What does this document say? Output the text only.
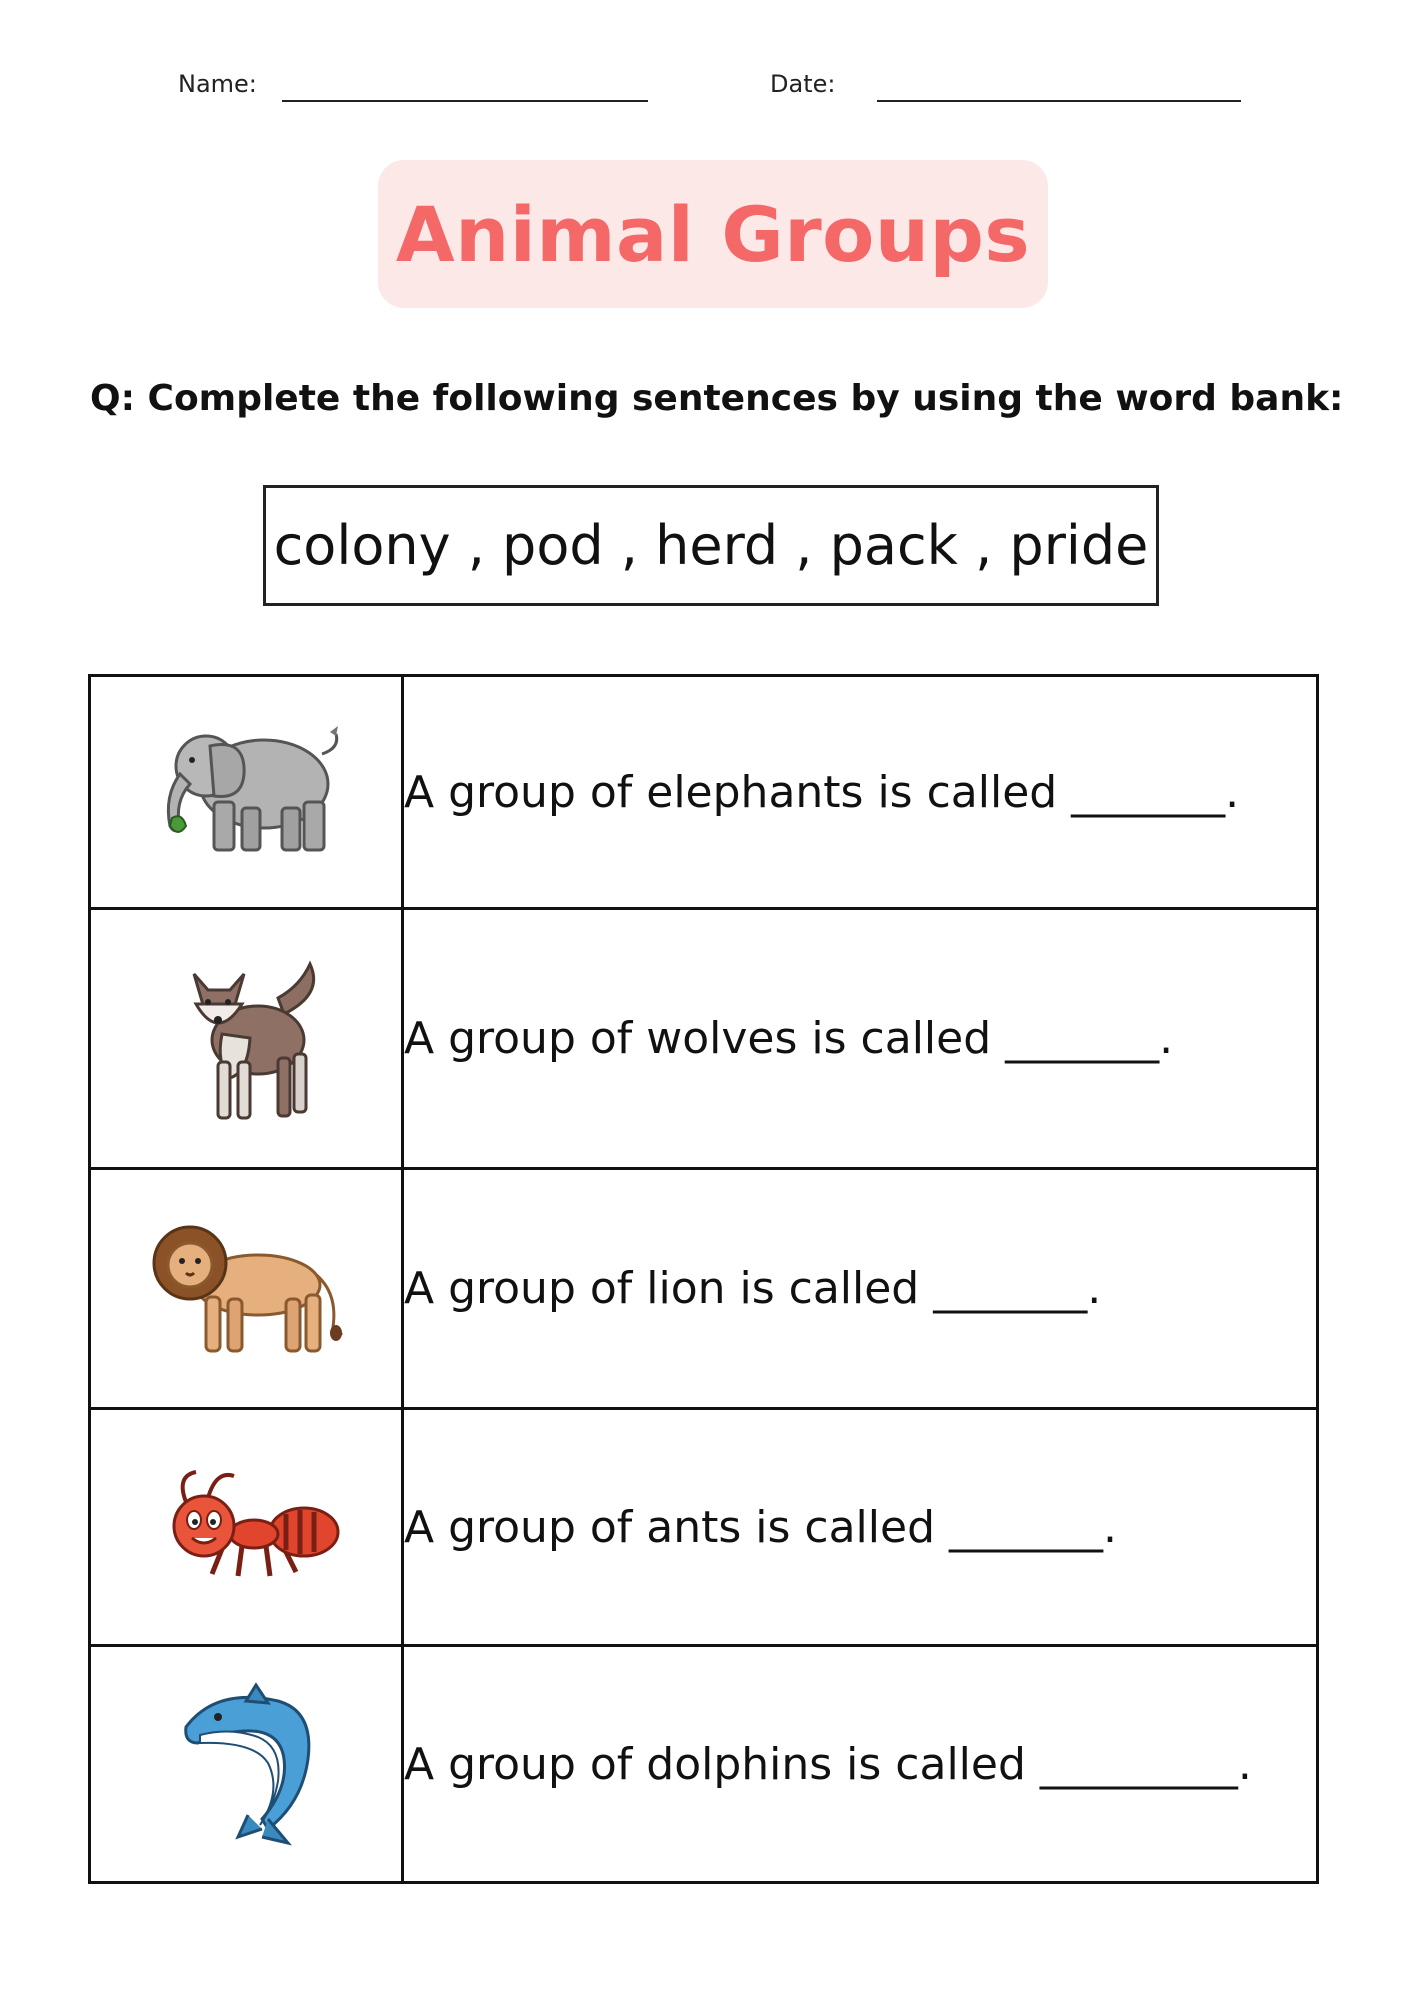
Name:	Date:
Animal Groups
Q: Complete the following sentences by using the word bank:
colony , pod , herd , pack , pride
	A group of elephants is called _______.

	A group of wolves is called _______.

	A group of lion is called _______.

	A group of ants is called _______.

	A group of dolphins is called _________.
